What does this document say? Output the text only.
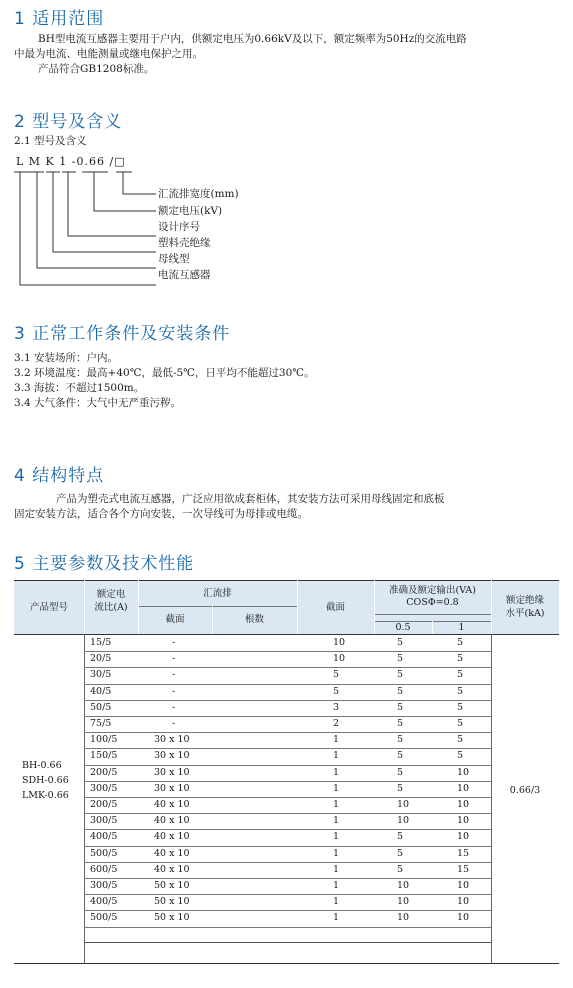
1 适用范围
BH型电流互感器主要用于户内，供额定电压为0.66kV及以下，额定频率为50Hz的交流电路
中最为电流、电能测量或继电保护之用。
产品符合GB1208标准。
2 型号及含义
2.1 型号及含义
L M K 1 -0.66 /□
汇流排宽度(mm)
额定电压(kV)
设计序号
塑料壳绝缘
母线型
电流互感器
3 正常工作条件及安装条件
3.1 安装场所：户内。
3.2 环境温度：最高+40℃，最低-5℃，日平均不能超过30℃。
3.3 海拔：不超过1500m。
3.4 大气条件：大气中无严重污秽。
4 结构特点
产品为塑壳式电流互感器，广泛应用欲成套柜体，其安装方法可采用母线固定和底板
固定安装方法，适合各个方向安装，一次导线可为母排或电缆。
5 主要参数及技术性能
产品型号
额定电
流比(A)
汇流排
截面	根数
截面
准确及额定输出(VA)
COSΦ=0.8
0.5	1
额定绝缘
水平(kA)
15/5	-	10	5	5
20/5	-	10	5	5
30/5	-	5	5	5
40/5	-	5	5	5
50/5	-	3	5	5
75/5	-	2	5	5
100/5	30 x 10	1	5	5
150/5	30 x 10	1	5	5
200/5	30 x 10	1	5	10
300/5	30 x 10	1	5	10
200/5	40 x 10	1	10	10
300/5	40 x 10	1	10	10
400/5	40 x 10	1	5	10
500/5	40 x 10	1	5	15
600/5	40 x 10	1	5	15
300/5	50 x 10	1	10	10
400/5	50 x 10	1	10	10
500/5	50 x 10	1	10	10
BH-0.66
SDH-0.66
LMK-0.66	0.66/3
